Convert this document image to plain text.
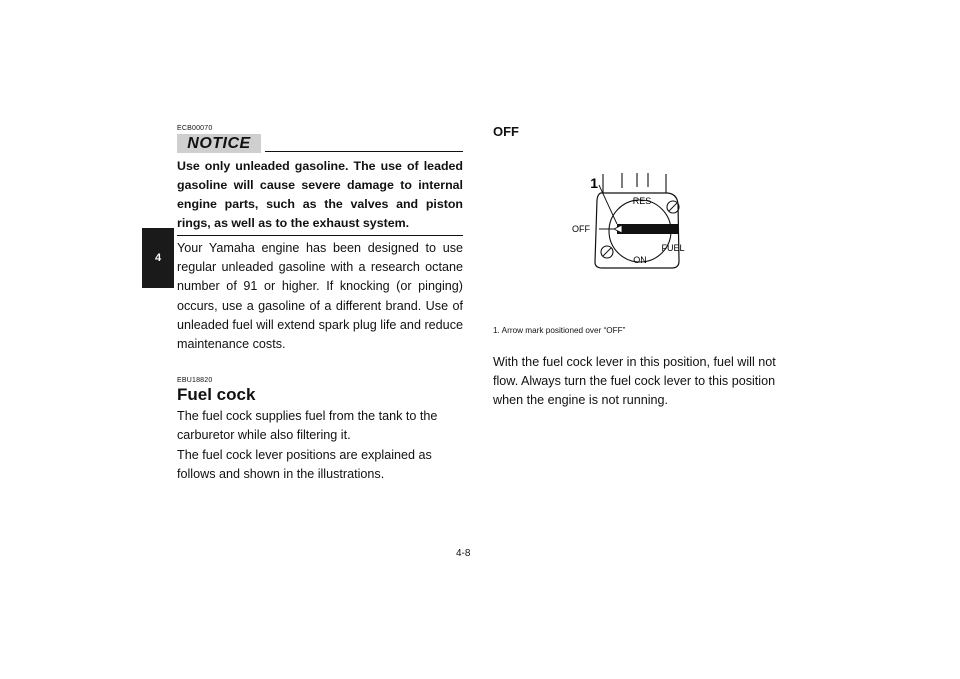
4
ECB00070
NOTICE
Use only unleaded gasoline. The use of leaded gasoline will cause severe damage to internal engine parts, such as the valves and piston rings, as well as to the exhaust system.
Your Yamaha engine has been designed to use regular unleaded gasoline with a research octane number of 91 or higher. If knocking (or pinging) occurs, use a gasoline of a different brand. Use of unleaded fuel will extend spark plug life and reduce maintenance costs.
EBU18820
Fuel cock
The fuel cock supplies fuel from the tank to the carburetor while also filtering it.
The fuel cock lever positions are explained as follows and shown in the illustrations.
OFF
1
RES
OFF
FUEL
ON
1. Arrow mark positioned over “OFF”
With the fuel cock lever in this position, fuel will not flow. Always turn the fuel cock lever to this position when the engine is not running.
4-8
